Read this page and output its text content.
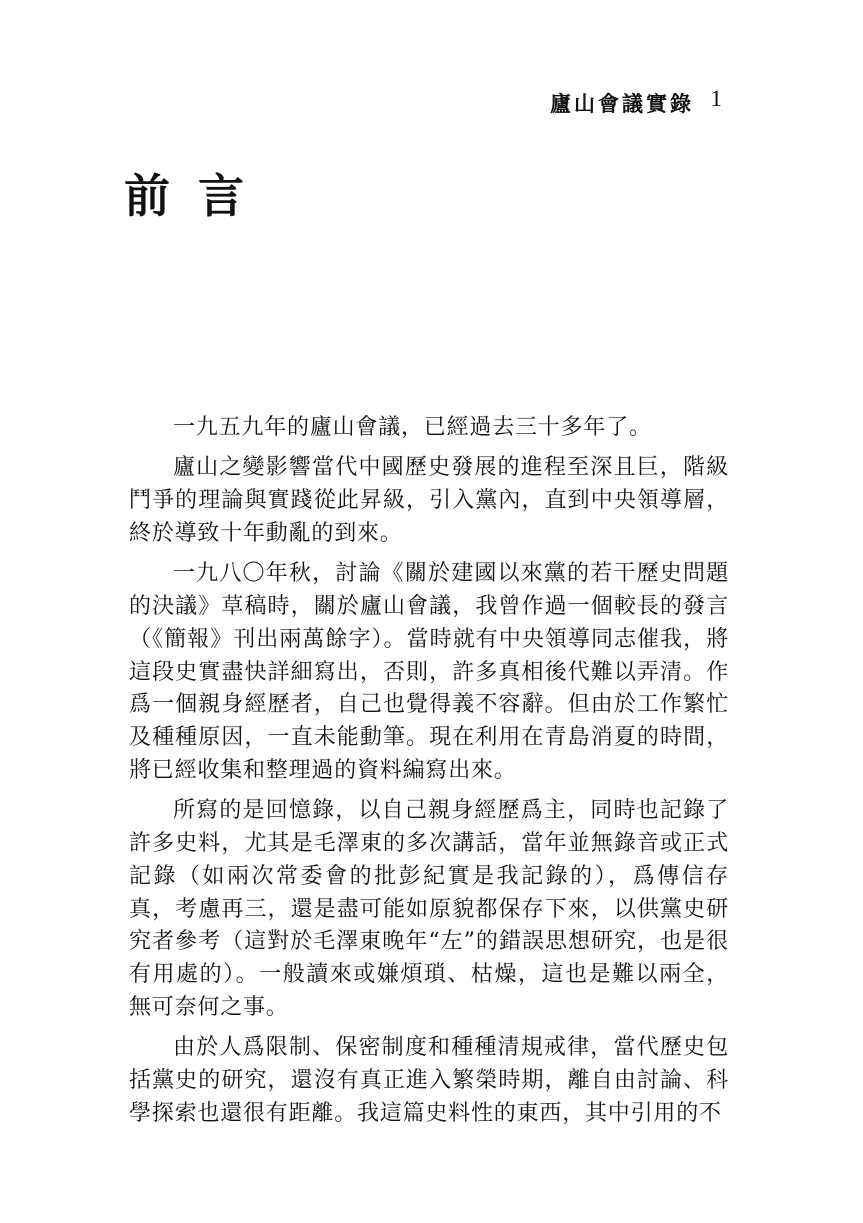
廬山會議實錄 1
前言

一九五九年的廬山會議，已經過去三十多年了。

廬山之變影響當代中國歷史發展的進程至深且巨，階級鬥爭的理論與實踐從此昇級，引入黨內，直到中央領導層，終於導致十年動亂的到來。

一九八〇年秋，討論《關於建國以來黨的若干歷史問題的決議》草稿時，關於廬山會議，我曾作過一個較長的發言（《簡報》刊出兩萬餘字）。當時就有中央領導同志催我，將這段史實盡快詳細寫出，否則，許多真相後代難以弄清。作爲一個親身經歷者，自己也覺得義不容辭。但由於工作繁忙及種種原因，一直未能動筆。現在利用在青島消夏的時間，將已經收集和整理過的資料編寫出來。

所寫的是回憶錄，以自己親身經歷爲主，同時也記錄了許多史料，尤其是毛澤東的多次講話，當年並無錄音或正式記錄（如兩次常委會的批彭紀實是我記錄的），爲傳信存真，考慮再三，還是盡可能如原貌都保存下來，以供黨史研究者參考（這對於毛澤東晚年“左”的錯誤思想研究，也是很有用處的）。一般讀來或嫌煩瑣、枯燥，這也是難以兩全，無可奈何之事。

由於人爲限制、保密制度和種種清規戒律，當代歷史包括黨史的研究，還沒有真正進入繁榮時期，離自由討論、科學探索也還很有距離。我這篇史料性的東西，其中引用的不
